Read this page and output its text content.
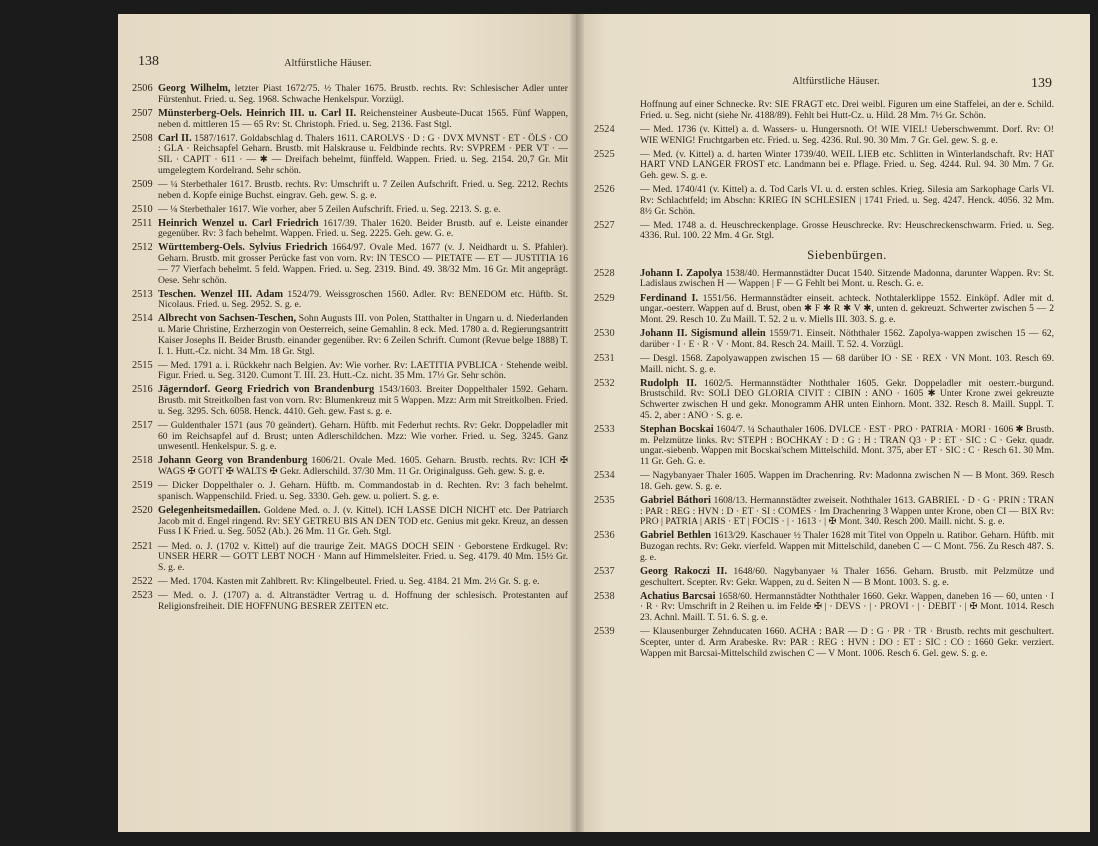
138	Altfürstliche Häuser.
2506 Georg Wilhelm, letzter Piast 1672/75. ½ Thaler 1675. Brustb. rechts. Rv: Schlesischer Adler unter Fürstenhut. Fried. u. Seg. 1968. Schwache Henkelspur. Vorzügl.
2507 Münsterberg-Oels. Heinrich III. u. Carl II. Reichensteiner Ausbeute-Ducat 1565. Fünf Wappen, neben d. mittleren 15 — 65 Rv: St. Christoph. Fried. u. Seg. 2136. Fast Stgl.
2508 Carl II. 1587/1617. Goldabschlag d. Thalers 1611. CAROLVS · D : G · DVX MVNST · ET · ÖLS · CO : GLA · Reichsapfel Geharn. Brustb. mit Halskrause u. Feldbinde rechts. Rv: SVPREM · PER VT · — SIL · CAPIT · 611 · — ✱ — Dreifach behelmt, fünffeld. Wappen. Fried. u. Seg. 2154. 20,7 Gr. Mit umgelegtem Kordelrand. Sehr schön.
2509 — ¼ Sterbethaler 1617. Brustb. rechts. Rv: Umschrift u. 7 Zeilen Aufschrift. Fried. u. Seg. 2212. Rechts neben d. Kopfe einige Buchst. eingrav. Geh. gew. S. g. e.
2510 — ⅛ Sterbethaler 1617. Wie vorher, aber 5 Zeilen Aufschrift. Fried. u. Seg. 2213. S. g. e.
2511 Heinrich Wenzel u. Carl Friedrich 1617/39. Thaler 1620. Beider Brustb. auf e. Leiste einander gegenüber. Rv: 3 fach behelmt. Wappen. Fried. u. Seg. 2225. Geh. gew. G. e.
2512 Württemberg-Oels. Sylvius Friedrich 1664/97. Ovale Med. 1677 (v. J. Neidhardt u. S. Pfahler). Geharn. Brustb. mit grosser Perücke fast von vorn. Rv: IN TESCO — PIETATE — ET — JUSTITIA 16 — 77 Vierfach behelmt. 5 feld. Wappen. Fried. u. Seg. 2319. Bind. 49. 38/32 Mm. 16 Gr. Mit angeprägt. Oese. Sehr schön.
2513 Teschen. Wenzel III. Adam 1524/79. Weissgroschen 1560. Adler. Rv: BENEDOM etc. Hüftb. St. Nicolaus. Fried. u. Seg. 2952. S. g. e.
2514 Albrecht von Sachsen-Teschen, Sohn Augusts III. von Polen, Statthalter in Ungarn u. d. Niederlanden u. Marie Christine, Erzherzogin von Oesterreich, seine Gemahlin. 8 eck. Med. 1780 a. d. Regierungsantritt Kaiser Josephs II. Beider Brustb. einander gegenüber. Rv: 6 Zeilen Schrift. Cumont (Revue belge 1888) T. I. 1. Hutt.-Cz. nicht. 34 Mm. 18 Gr. Stgl.
2515 — Med. 1791 a. i. Rückkehr nach Belgien. Av: Wie vorher. Rv: LAETITIA PVBLICA · Stehende weibl. Figur. Fried. u. Seg. 3120. Cumont T. III. 23. Hutt.-Cz. nicht. 35 Mm. 17⅓ Gr. Sehr schön.
2516 Jägerndorf. Georg Friedrich von Brandenburg 1543/1603. Breiter Doppelthaler 1592. Geharn. Brustb. mit Streitkolben fast von vorn. Rv: Blumenkreuz mit 5 Wappen. Mzz: Arm mit Streitkolben. Fried. u. Seg. 3295. Sch. 6058. Henck. 4410. Geh. gew. Fast s. g. e.
2517 — Guldenthaler 1571 (aus 70 geändert). Geharn. Hüftb. mit Federhut rechts. Rv: Gekr. Doppeladler mit 60 im Reichsapfel auf d. Brust; unten Adlerschildchen. Mzz: Wie vorher. Fried. u. Seg. 3245. Ganz unwesentl. Henkelspur. S. g. e.
2518 Johann Georg von Brandenburg 1606/21. Ovale Med. 1605. Geharn. Brustb. rechts. Rv: ICH ✠ WAGS ✠ GOTT ✠ WALTS ✠ Gekr. Adlerschild. 37/30 Mm. 11 Gr. Originalguss. Geh. gew. S. g. e.
2519 — Dicker Doppelthaler o. J. Geharn. Hüftb. m. Commandostab in d. Rechten. Rv: 3 fach behelmt. spanisch. Wappenschild. Fried. u. Seg. 3330. Geh. gew. u. poliert. S. g. e.
2520 Gelegenheitsmedaillen. Goldene Med. o. J. (v. Kittel). ICH LASSE DICH NICHT etc. Der Patriarch Jacob mit d. Engel ringend. Rv: SEY GETREU BIS AN DEN TOD etc. Genius mit gekr. Kreuz, an dessen Fuss I K Fried. u. Seg. 5052 (Ab.). 26 Mm. 11 Gr. Geh. Stgl.
2521 — Med. o. J. (1702 v. Kittel) auf die traurige Zeit. MAGS DOCH SEIN · Geborstene Erdkugel. Rv: UNSER HERR — GOTT LEBT NOCH · Mann auf Himmelsleiter. Fried. u. Seg. 4179. 40 Mm. 15½ Gr. S. g. e.
2522 — Med. 1704. Kasten mit Zahlbrett. Rv: Klingelbeutel. Fried. u. Seg. 4184. 21 Mm. 2½ Gr. S. g. e.
2523 — Med. o. J. (1707) a. d. Altranstädter Vertrag u. d. Hoffnung der schlesisch. Protestanten auf Religionsfreiheit. DIE HOFFNUNG BESRER ZEITEN etc.
139
Altfürstliche Häuser.
Hoffnung auf einer Schnecke. Rv: SIE FRAGT etc. Drei weibl. Figuren um eine Staffelei, an der e. Schild. Fried. u. Seg. nicht (siehe Nr. 4188/89). Fehlt bei Hutt-Cz. u. Hild. 28 Mm. 7½ Gr. Schön.
2524	— Med. 1736 (v. Kittel) a. d. Wassers- u. Hungersnoth. O! WIE VIEL! Ueberschwemmt. Dorf. Rv: O! WIE WENIG! Fruchtgarben etc. Fried. u. Seg. 4236. Rul. 90. 30 Mm. 7 Gr. Gel. gew. S. g. e.
2525	— Med. (v. Kittel) a. d. harten Winter 1739/40. WEIL LIEB etc. Schlitten in Winterlandschaft. Rv: HAT HART VND LANGER FROST etc. Landmann bei e. Pflage. Fried. u. Seg. 4244. Rul. 94. 30 Mm. 7 Gr. Geh. gew. S. g. e.
2526	— Med. 1740/41 (v. Kittel) a. d. Tod Carls VI. u. d. ersten schles. Krieg. Silesia am Sarkophage Carls VI. Rv: Schlachtfeld; im Abschn: KRIEG IN SCHLESIEN | 1741 Fried. u. Seg. 4247. Henck. 4056. 32 Mm. 8½ Gr. Schön.
2527	— Med. 1748 a. d. Heuschreckenplage. Grosse Heuschrecke. Rv: Heuschreckenschwarm. Fried. u. Seg. 4336. Rul. 100. 22 Mm. 4 Gr. Stgl.
Siebenbürgen.
2528 Johann I. Zapolya 1538/40. Hermannstädter Ducat 1540. Sitzende Madonna, darunter Wappen. Rv: St. Ladislaus zwischen H — Wappen | F — G Fehlt bei Mont. u. Resch. G. e.
2529 Ferdinand I. 1551/56. Hermannstädter einseit. achteck. Nothtalerklippe 1552. Einköpf. Adler mit d. ungar.-oesterr. Wappen auf d. Brust, oben ✱ F ✱ R ✱ V ✱, unten d. gekreuzt. Schwerter zwischen 5 — 2 Mont. 29. Resch 10. Zu Maill. T. 52. 2 u. v. Miells III. 303. S. g. e.
2530 Johann II. Sigismund allein 1559/71. Einseit. Nöththaler 1562. Zapolya-wappen zwischen 15 — 62, darüber · I · E · R · V · Mont. 84. Resch 24. Maill. T. 52. 4. Vorzügl.
2531	— Desgl. 1568. Zapolyawappen zwischen 15 — 68 darüber IO · SE · REX · VN Mont. 103. Resch 69. Maill. nicht. S. g. e.
2532 Rudolph II. 1602/5. Hermannstädter Noththaler 1605. Gekr. Doppeladler mit oesterr.-burgund. Brustschild. Rv: SOLI DEO GLORIA CIVIT : CIBIN : ANO · 1605 ✱ Unter Krone zwei gekreuzte Schwerter zwischen H und gekr. Monogramm AHR unten Einhorn. Mont. 332. Resch 8. Maill. Suppl. T. 45. 2, aber : ANO · S. g. e.
2533 Stephan Bocskai 1604/7. ¼ Schauthaler 1606. DVLCE · EST · PRO · PATRIA · MORI · 1606 ✱ Brustb. m. Pelzmütze links. Rv: STEPH : BOCHKAY : D : G : H : TRAN Q3 · P : ET · SIC : C · Gekr. quadr. ungar.-siebenb. Wappen mit Bocskai'schem Mittelschild. Mont. 375, aber ET · SIC : C · Resch 61. 30 Mm. 11 Gr. Geh. G. e.
2534	— Nagybanyaer Thaler 1605. Wappen im Drachenring. Rv: Madonna zwischen N — B Mont. 369. Resch 18. Geh. gew. S. g. e.
2535 Gabriel Báthori 1608/13. Hermannstädter zweiseit. Noththaler 1613. GABRIEL · D · G · PRIN : TRAN : PAR : REG : HVN : D · ET · SI : COMES · Im Drachenring 3 Wappen unter Krone, oben CI — BIX Rv: PRO | PATRIA | ARIS · ET | FOCIS · | · 1613 · | ✠ Mont. 340. Resch 200. Maill. nicht. S. g. e.
2536 Gabriel Bethlen 1613/29. Kaschauer ½ Thaler 1628 mit Titel von Oppeln u. Ratibor. Geharn. Hüftb. mit Buzogan rechts. Rv: Gekr. vierfeld. Wappen mit Mittelschild, daneben C — C Mont. 756. Zu Resch 487. S. g. e.
2537 Georg Rakoczi II. 1648/60. Nagybanyaer ¼ Thaler 1656. Geharn. Brustb. mit Pelzmütze und geschultert. Scepter. Rv: Gekr. Wappen, zu d. Seiten N — B Mont. 1003. S. g. e.
2538 Achatius Barcsai 1658/60. Hermannstädter Noththaler 1660. Gekr. Wappen, daneben 16 — 60, unten · I · R · Rv: Umschrift in 2 Reihen u. im Felde ✠ | · DEVS · | · PROVI · | · DEBIT · | ✠ Mont. 1014. Resch 23. Achnl. Maill. T. 51. 6. S. g. e.
2539	— Klausenburger Zehnducaten 1660. ACHA : BAR — D : G · PR · TR · Brustb. rechts mit geschultert. Scepter, unter d. Arm Arabeske. Rv: PAR : REG : HVN : DO : ET : SIC : CO : 1660 Gekr. verziert. Wappen mit Barcsai-Mittelschild zwischen C — V Mont. 1006. Resch 6. Gel. gew. S. g. e.
